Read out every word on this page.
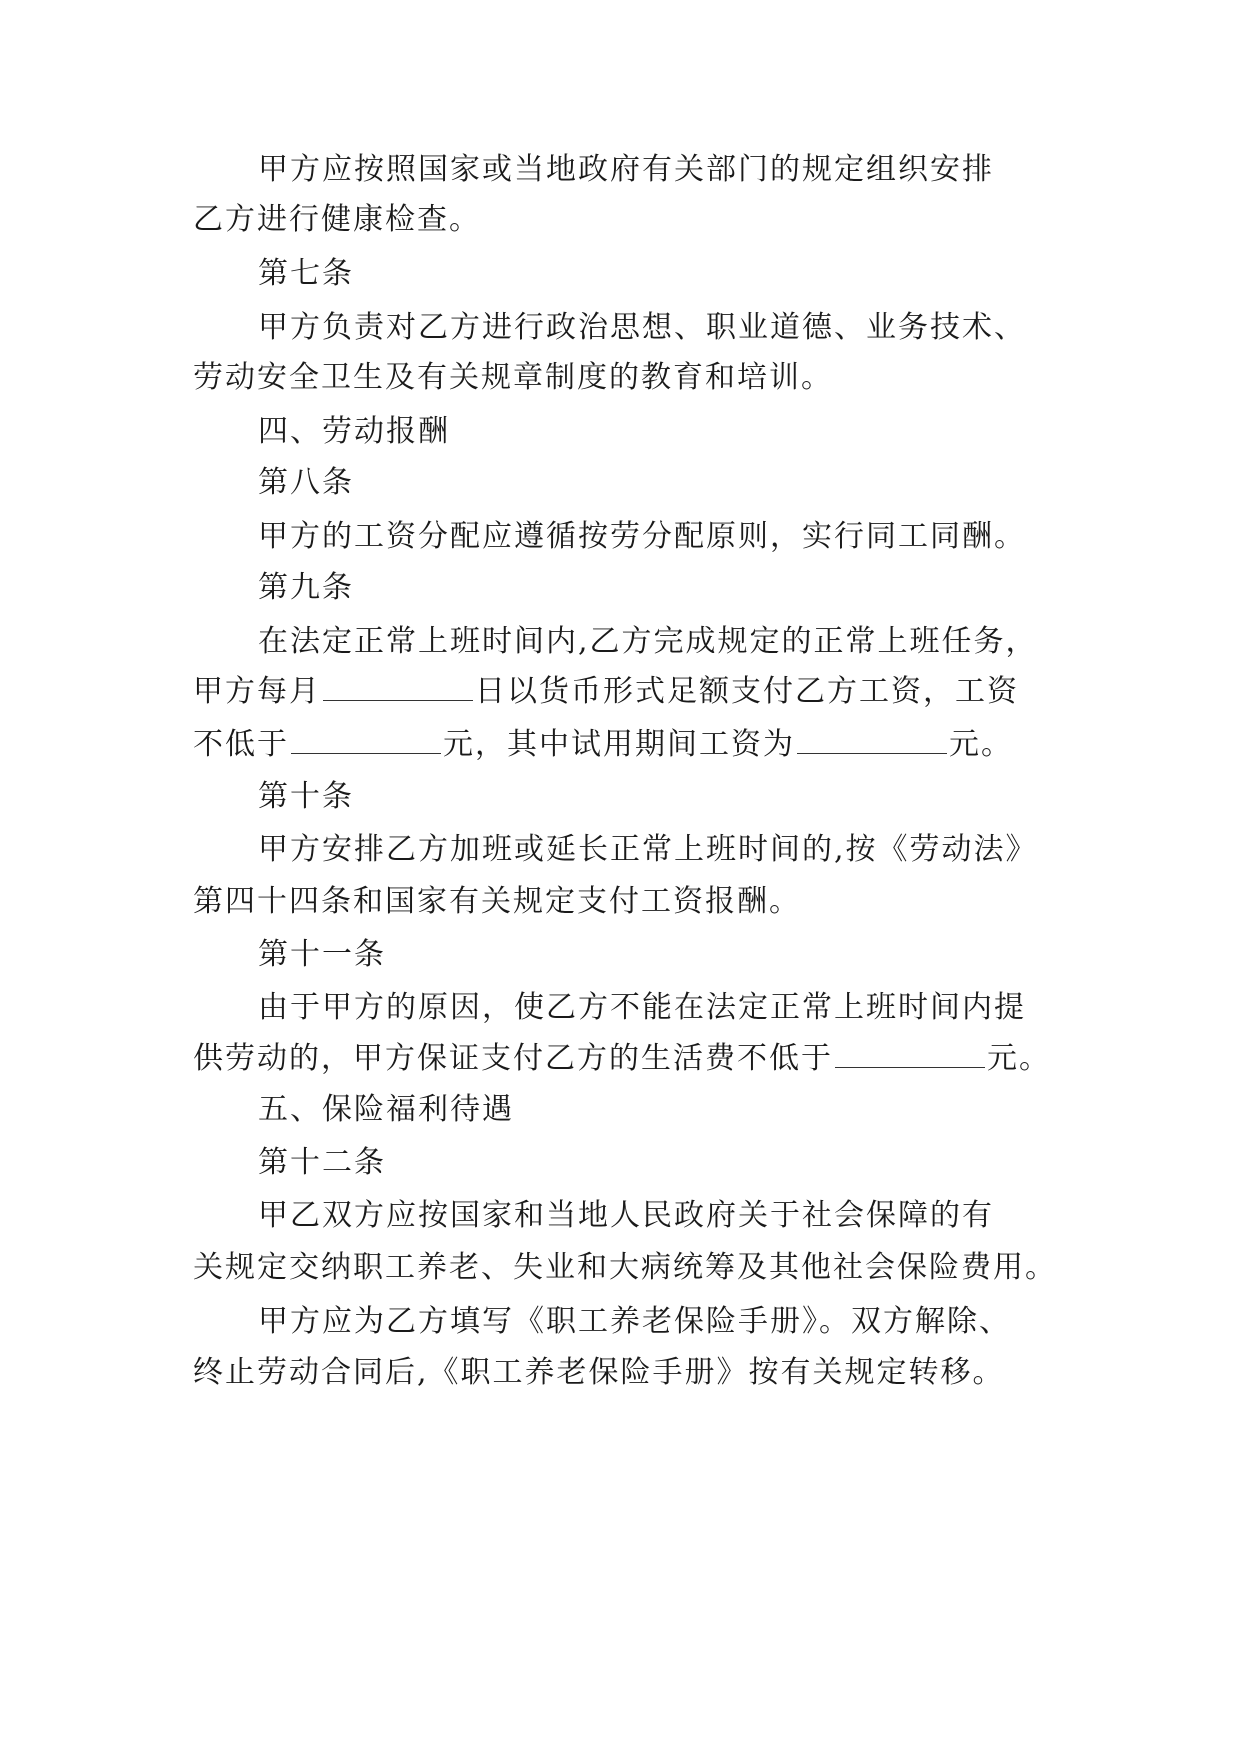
甲方应按照国家或当地政府有关部门的规定组织安排
乙方进行健康检查。
第七条
甲方负责对乙方进行政治思想、职业道德、业务技术、
劳动安全卫生及有关规章制度的教育和培训。
四、劳动报酬
第八条
甲方的工资分配应遵循按劳分配原则，实行同工同酬。
第九条
在法定正常上班时间内,乙方完成规定的正常上班任务，
甲方每月	日以货币形式足额支付乙方工资，工资
不低于	元，其中试用期间工资为	元。
第十条
甲方安排乙方加班或延长正常上班时间的,按《劳动法》
第四十四条和国家有关规定支付工资报酬。
第十一条
由于甲方的原因，使乙方不能在法定正常上班时间内提
供劳动的，甲方保证支付乙方的生活费不低于	元。
五、保险福利待遇
第十二条
甲乙双方应按国家和当地人民政府关于社会保障的有
关规定交纳职工养老、失业和大病统筹及其他社会保险费用。
甲方应为乙方填写《职工养老保险手册》。双方解除、
终止劳动合同后,《职工养老保险手册》按有关规定转移。
